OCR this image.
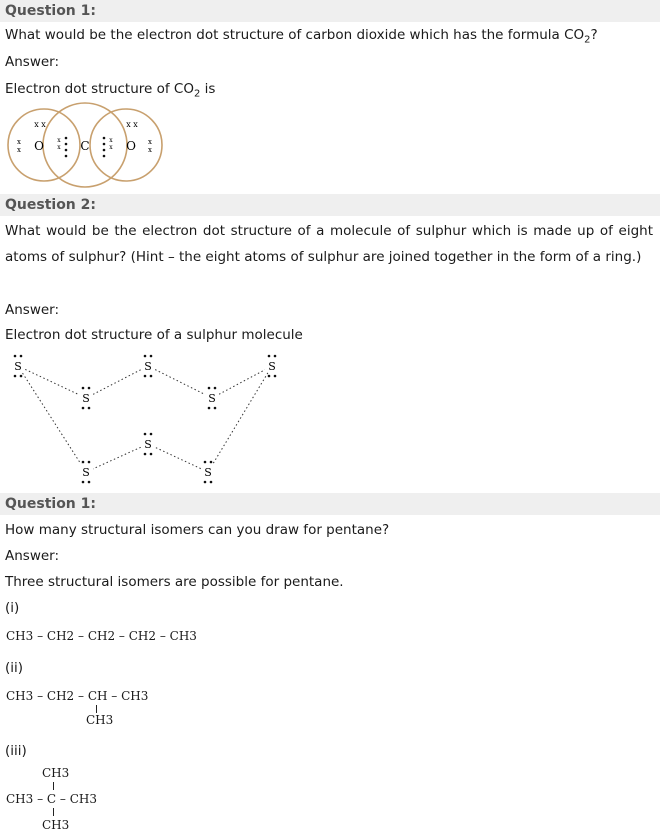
Question 1:
What would be the electron dot structure of carbon dioxide which has the formula $CO_2$?
Answer:
Electron dot structure of $CO_2$ is
O	C	O
x x	x x
x
x
x
x
x
x
x
x
Question 2:
What would be the electron dot structure of a molecule of sulphur which is made up of eight atoms of sulphur? (Hint – the eight atoms of sulphur are joined together in the form of a ring.)
Answer:
Electron dot structure of a sulphur molecule
S
S
S
S
S
S
S
S
Question 1:
How many structural isomers can you draw for pentane?
Answer:
Three structural isomers are possible for pentane.
(i)
CH3 – CH2 – CH2 – CH2 – CH3
(ii)
CH3 – CH2 – CH – CH3
CH3
(iii)
CH3
CH3 – C – CH3
CH3
